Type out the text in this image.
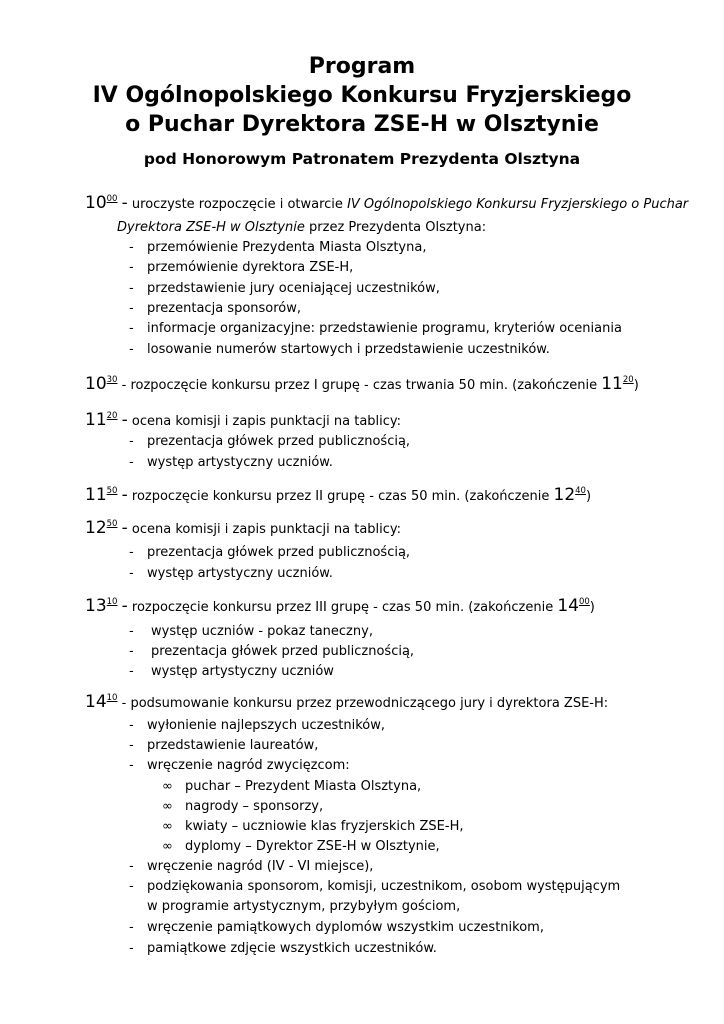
Program
IV Ogólnopolskiego Konkursu Fryzjerskiego
o Puchar Dyrektora ZSE-H w Olsztynie
pod Honorowym Patronatem Prezydenta Olsztyna
$10^{00}$ - uroczyste rozpoczęcie i otwarcie IV Ogólnopolskiego Konkursu Fryzjerskiego o Puchar
Dyrektora ZSE-H w Olsztynie przez Prezydenta Olsztyna:
- przemówienie Prezydenta Miasta Olsztyna,
- przemówienie dyrektora ZSE-H,
- przedstawienie jury oceniającej uczestników,
- prezentacja sponsorów,
- informacje organizacyjne: przedstawienie programu, kryteriów oceniania
- losowanie numerów startowych i przedstawienie uczestników.
$10^{30}$ - rozpoczęcie konkursu przez I grupę - czas trwania 50 min. (zakończenie $11^{20}$)
$11^{20}$ - ocena komisji i zapis punktacji na tablicy:
- prezentacja główek przed publicznością,
- występ artystyczny uczniów.
$11^{50}$ - rozpoczęcie konkursu przez II grupę - czas 50 min. (zakończenie $12^{40}$)
$12^{50}$ - ocena komisji i zapis punktacji na tablicy:
- prezentacja główek przed publicznością,
- występ artystyczny uczniów.
$13^{10}$ - rozpoczęcie konkursu przez III grupę - czas 50 min. (zakończenie $14^{00}$)
- występ uczniów - pokaz taneczny,
- prezentacja główek przed publicznością,
- występ artystyczny uczniów
$14^{10}$ - podsumowanie konkursu przez przewodniczącego jury i dyrektora ZSE-H:
- wyłonienie najlepszych uczestników,
- przedstawienie laureatów,
- wręczenie nagród zwycięzcom:
∞ puchar – Prezydent Miasta Olsztyna,
∞ nagrody – sponsorzy,
∞ kwiaty – uczniowie klas fryzjerskich ZSE-H,
∞ dyplomy – Dyrektor ZSE-H w Olsztynie,
- wręczenie nagród (IV - VI miejsce),
- podziękowania sponsorom, komisji, uczestnikom, osobom występującym
w programie artystycznym, przybyłym gościom,
- wręczenie pamiątkowych dyplomów wszystkim uczestnikom,
- pamiątkowe zdjęcie wszystkich uczestników.
